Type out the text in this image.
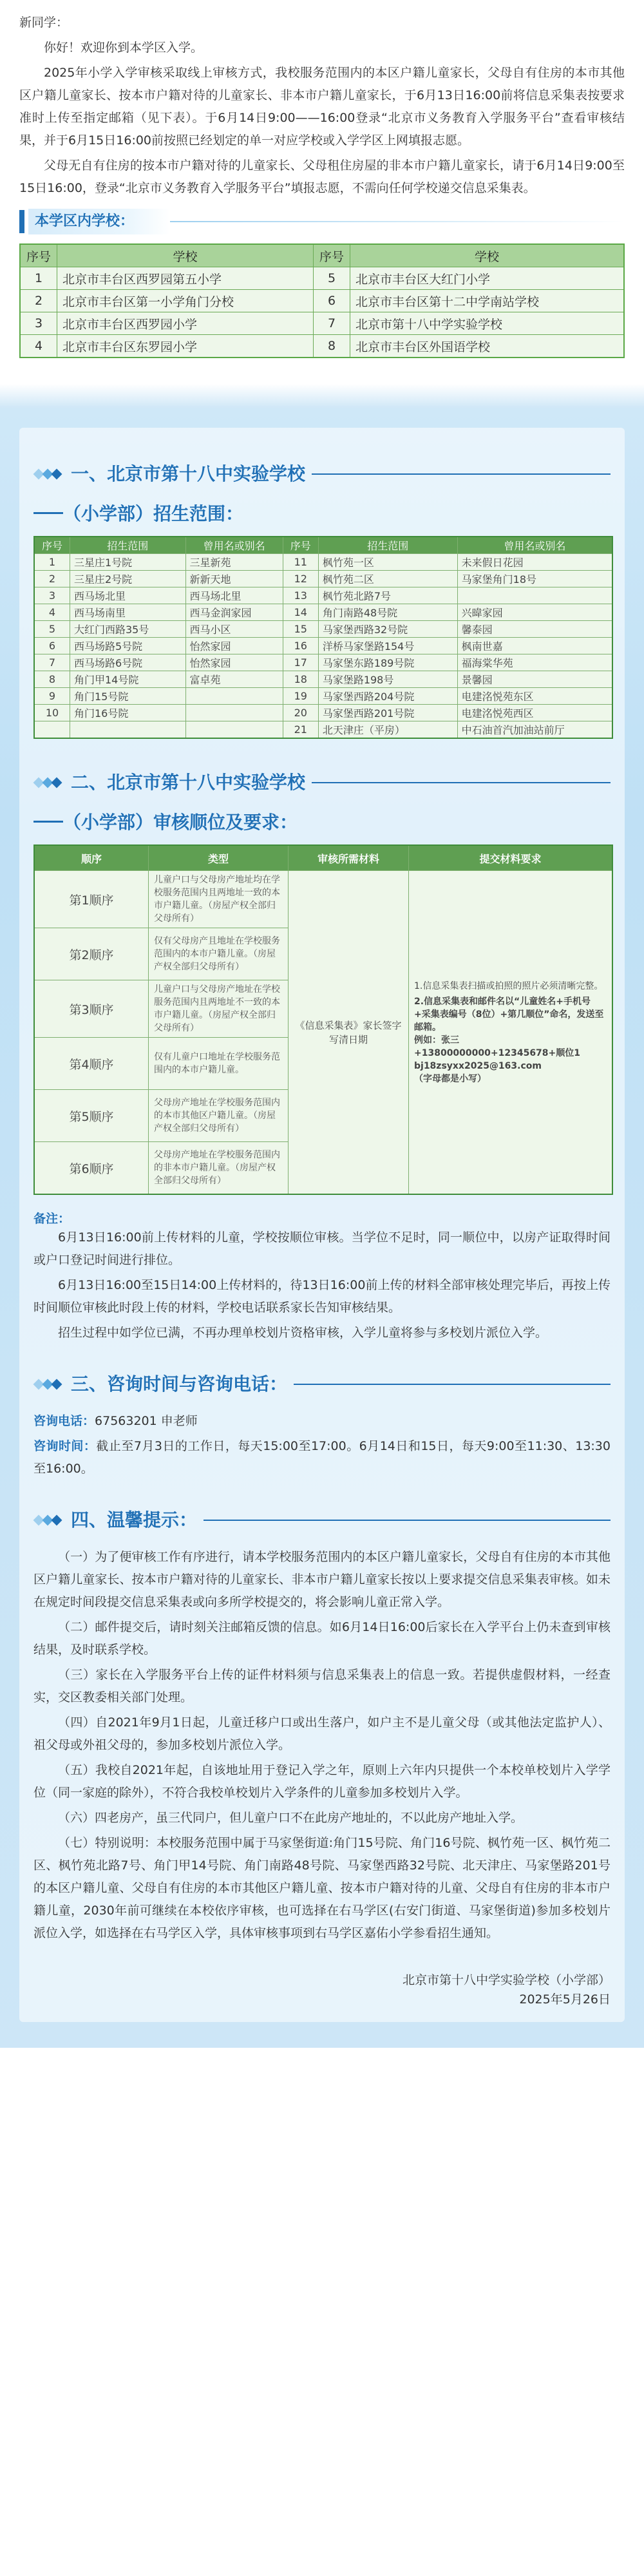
新同学：

你好！欢迎你到本学区入学。

2025年小学入学审核采取线上审核方式，我校服务范围内的本区户籍儿童家长，父母自有住房的本市其他区户籍儿童家长、按本市户籍对待的儿童家长、非本市户籍儿童家长，于6月13日16:00前将信息采集表按要求准时上传至指定邮箱（见下表）。于6月14日9:00——16:00登录“北京市义务教育入学服务平台”查看审核结果，并于6月15日16:00前按照已经划定的单一对应学校或入学学区上网填报志愿。

父母无自有住房的按本市户籍对待的儿童家长、父母租住房屋的非本市户籍儿童家长，请于6月14日9:00至15日16:00，登录“北京市义务教育入学服务平台”填报志愿，不需向任何学校递交信息采集表。

本学区内学校：
序号	学校	序号	学校
1	北京市丰台区西罗园第五小学	5	北京市丰台区大红门小学
2	北京市丰台区第一小学角门分校	6	北京市丰台区第十二中学南站学校
3	北京市丰台区西罗园小学	7	北京市第十八中学实验学校
4	北京市丰台区东罗园小学	8	北京市丰台区外国语学校
一、北京市第十八中实验学校
（小学部）招生范围：
序号	招生范围	曾用名或别名	序号	招生范围	曾用名或别名
1	三星庄1号院	三星新苑	11	枫竹苑一区	未来假日花园
2	三星庄2号院	新新天地	12	枫竹苑二区	马家堡角门18号
3	西马场北里	西马场北里	13	枫竹苑北路7号	
4	西马场南里	西马金润家园	14	角门南路48号院	兴暐家园
5	大红门西路35号	西马小区	15	马家堡西路32号院	馨泰园
6	西马场路5号院	怡然家园	16	洋桥马家堡路154号	枫南世嘉
7	西马场路6号院	怡然家园	17	马家堡东路189号院	福海棠华苑
8	角门甲14号院	富卓苑	18	马家堡路198号	景馨园
9	角门15号院		19	马家堡西路204号院	电建洺悦苑东区
10	角门16号院		20	马家堡西路201号院	电建洺悦苑西区
			21	北天津庄（平房）	中石油首汽加油站前厅
二、北京市第十八中实验学校
（小学部）审核顺位及要求：
顺序	类型	审核所需材料	提交材料要求
第1顺序	儿童户口与父母房产地址均在学校服务范围内且两地址一致的本市户籍儿童。（房屋产权全部归父母所有）	《信息采集表》家长签字写清日期	1.信息采集表扫描或拍照的照片必须清晰完整。
2.信息采集表和邮件名以“儿童姓名+手机号+采集表编号（8位）+第几顺位”命名，发送至邮箱。
例如：张三+13800000000+12345678+顺位1
bj18zsyxx2025@163.com
（字母都是小写）

第2顺序	仅有父母房产且地址在学校服务范围内的本市户籍儿童。（房屋产权全部归父母所有）		
第3顺序	儿童户口与父母房产地址在学校服务范围内且两地址不一致的本市户籍儿童。（房屋产权全部归父母所有）		
第4顺序	仅有儿童户口地址在学校服务范围内的本市户籍儿童。		
第5顺序	父母房产地址在学校服务范围内的本市其他区户籍儿童。（房屋产权全部归父母所有）		
第6顺序	父母房产地址在学校服务范围内的非本市户籍儿童。（房屋产权全部归父母所有）		
备注：

6月13日16:00前上传材料的儿童，学校按顺位审核。当学位不足时，同一顺位中，以房产证取得时间或户口登记时间进行排位。

6月13日16:00至15日14:00上传材料的，待13日16:00前上传的材料全部审核处理完毕后，再按上传时间顺位审核此时段上传的材料，学校电话联系家长告知审核结果。

招生过程中如学位已满，不再办理单校划片资格审核，入学儿童将参与多校划片派位入学。

三、咨询时间与咨询电话：

咨询电话：67563201 申老师

咨询时间：截止至7月3日的工作日，每天15:00至17:00。6月14日和15日，每天9:00至11:30、13:30至16:00。

四、温馨提示：

（一）为了便审核工作有序进行，请本学校服务范围内的本区户籍儿童家长，父母自有住房的本市其他区户籍儿童家长、按本市户籍对待的儿童家长、非本市户籍儿童家长按以上要求提交信息采集表审核。如未在规定时间段提交信息采集表或向多所学校提交的，将会影响儿童正常入学。

（二）邮件提交后，请时刻关注邮箱反馈的信息。如6月14日16:00后家长在入学平台上仍未查到审核结果，及时联系学校。

（三）家长在入学服务平台上传的证件材料须与信息采集表上的信息一致。若提供虚假材料，一经查实，交区教委相关部门处理。

（四）自2021年9月1日起，儿童迁移户口或出生落户，如户主不是儿童父母（或其他法定监护人）、祖父母或外祖父母的，参加多校划片派位入学。

（五）我校自2021年起，自该地址用于登记入学之年，原则上六年内只提供一个本校单校划片入学学位（同一家庭的除外），不符合我校单校划片入学条件的儿童参加多校划片入学。

（六）四老房产，虽三代同户，但儿童户口不在此房产地址的，不以此房产地址入学。

（七）特别说明：本校服务范围中属于马家堡街道:角门15号院、角门16号院、枫竹苑一区、枫竹苑二区、枫竹苑北路7号、角门甲14号院、角门南路48号院、马家堡西路32号院、北天津庄、马家堡路201号的本区户籍儿童、父母自有住房的本市其他区户籍儿童、按本市户籍对待的儿童、父母自有住房的非本市户籍儿童，2030年前可继续在本校依序审核，也可选择在右马学区(右安门街道、马家堡街道)参加多校划片派位入学，如选择在右马学区入学，具体审核事项到右马学区嘉佑小学参看招生通知。

北京市第十八中学实验学校（小学部）
2025年5月26日
